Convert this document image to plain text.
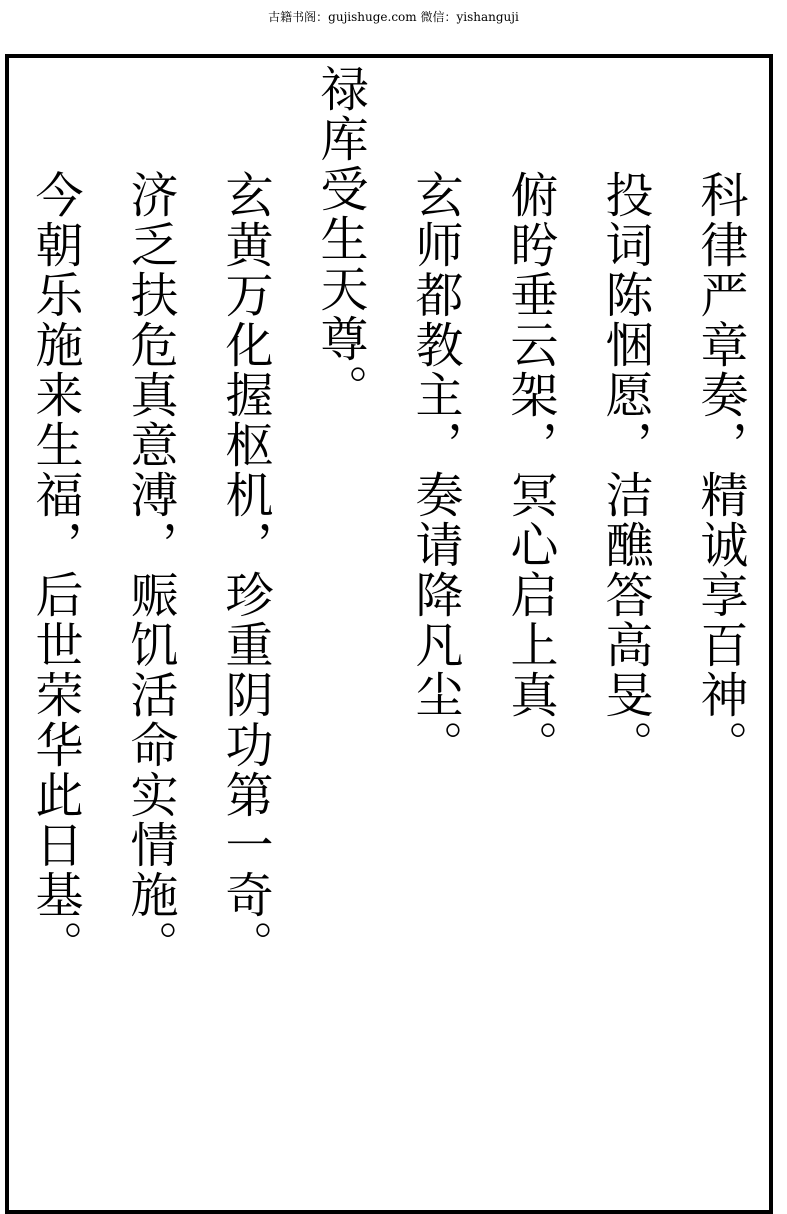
古籍书阁：gujishuge.com 微信：yishanguji
科律严章奏，精诚享百神。
投词陈悃愿，洁醮答高旻。
俯盻垂云架，冥心启上真。
玄师都教主，奏请降凡尘。
禄库受生天尊。
玄黄万化握枢机，珍重阴功第一奇。
济乏扶危真意溥，赈饥活命实情施。
今朝乐施来生福，后世荣华此日基。
